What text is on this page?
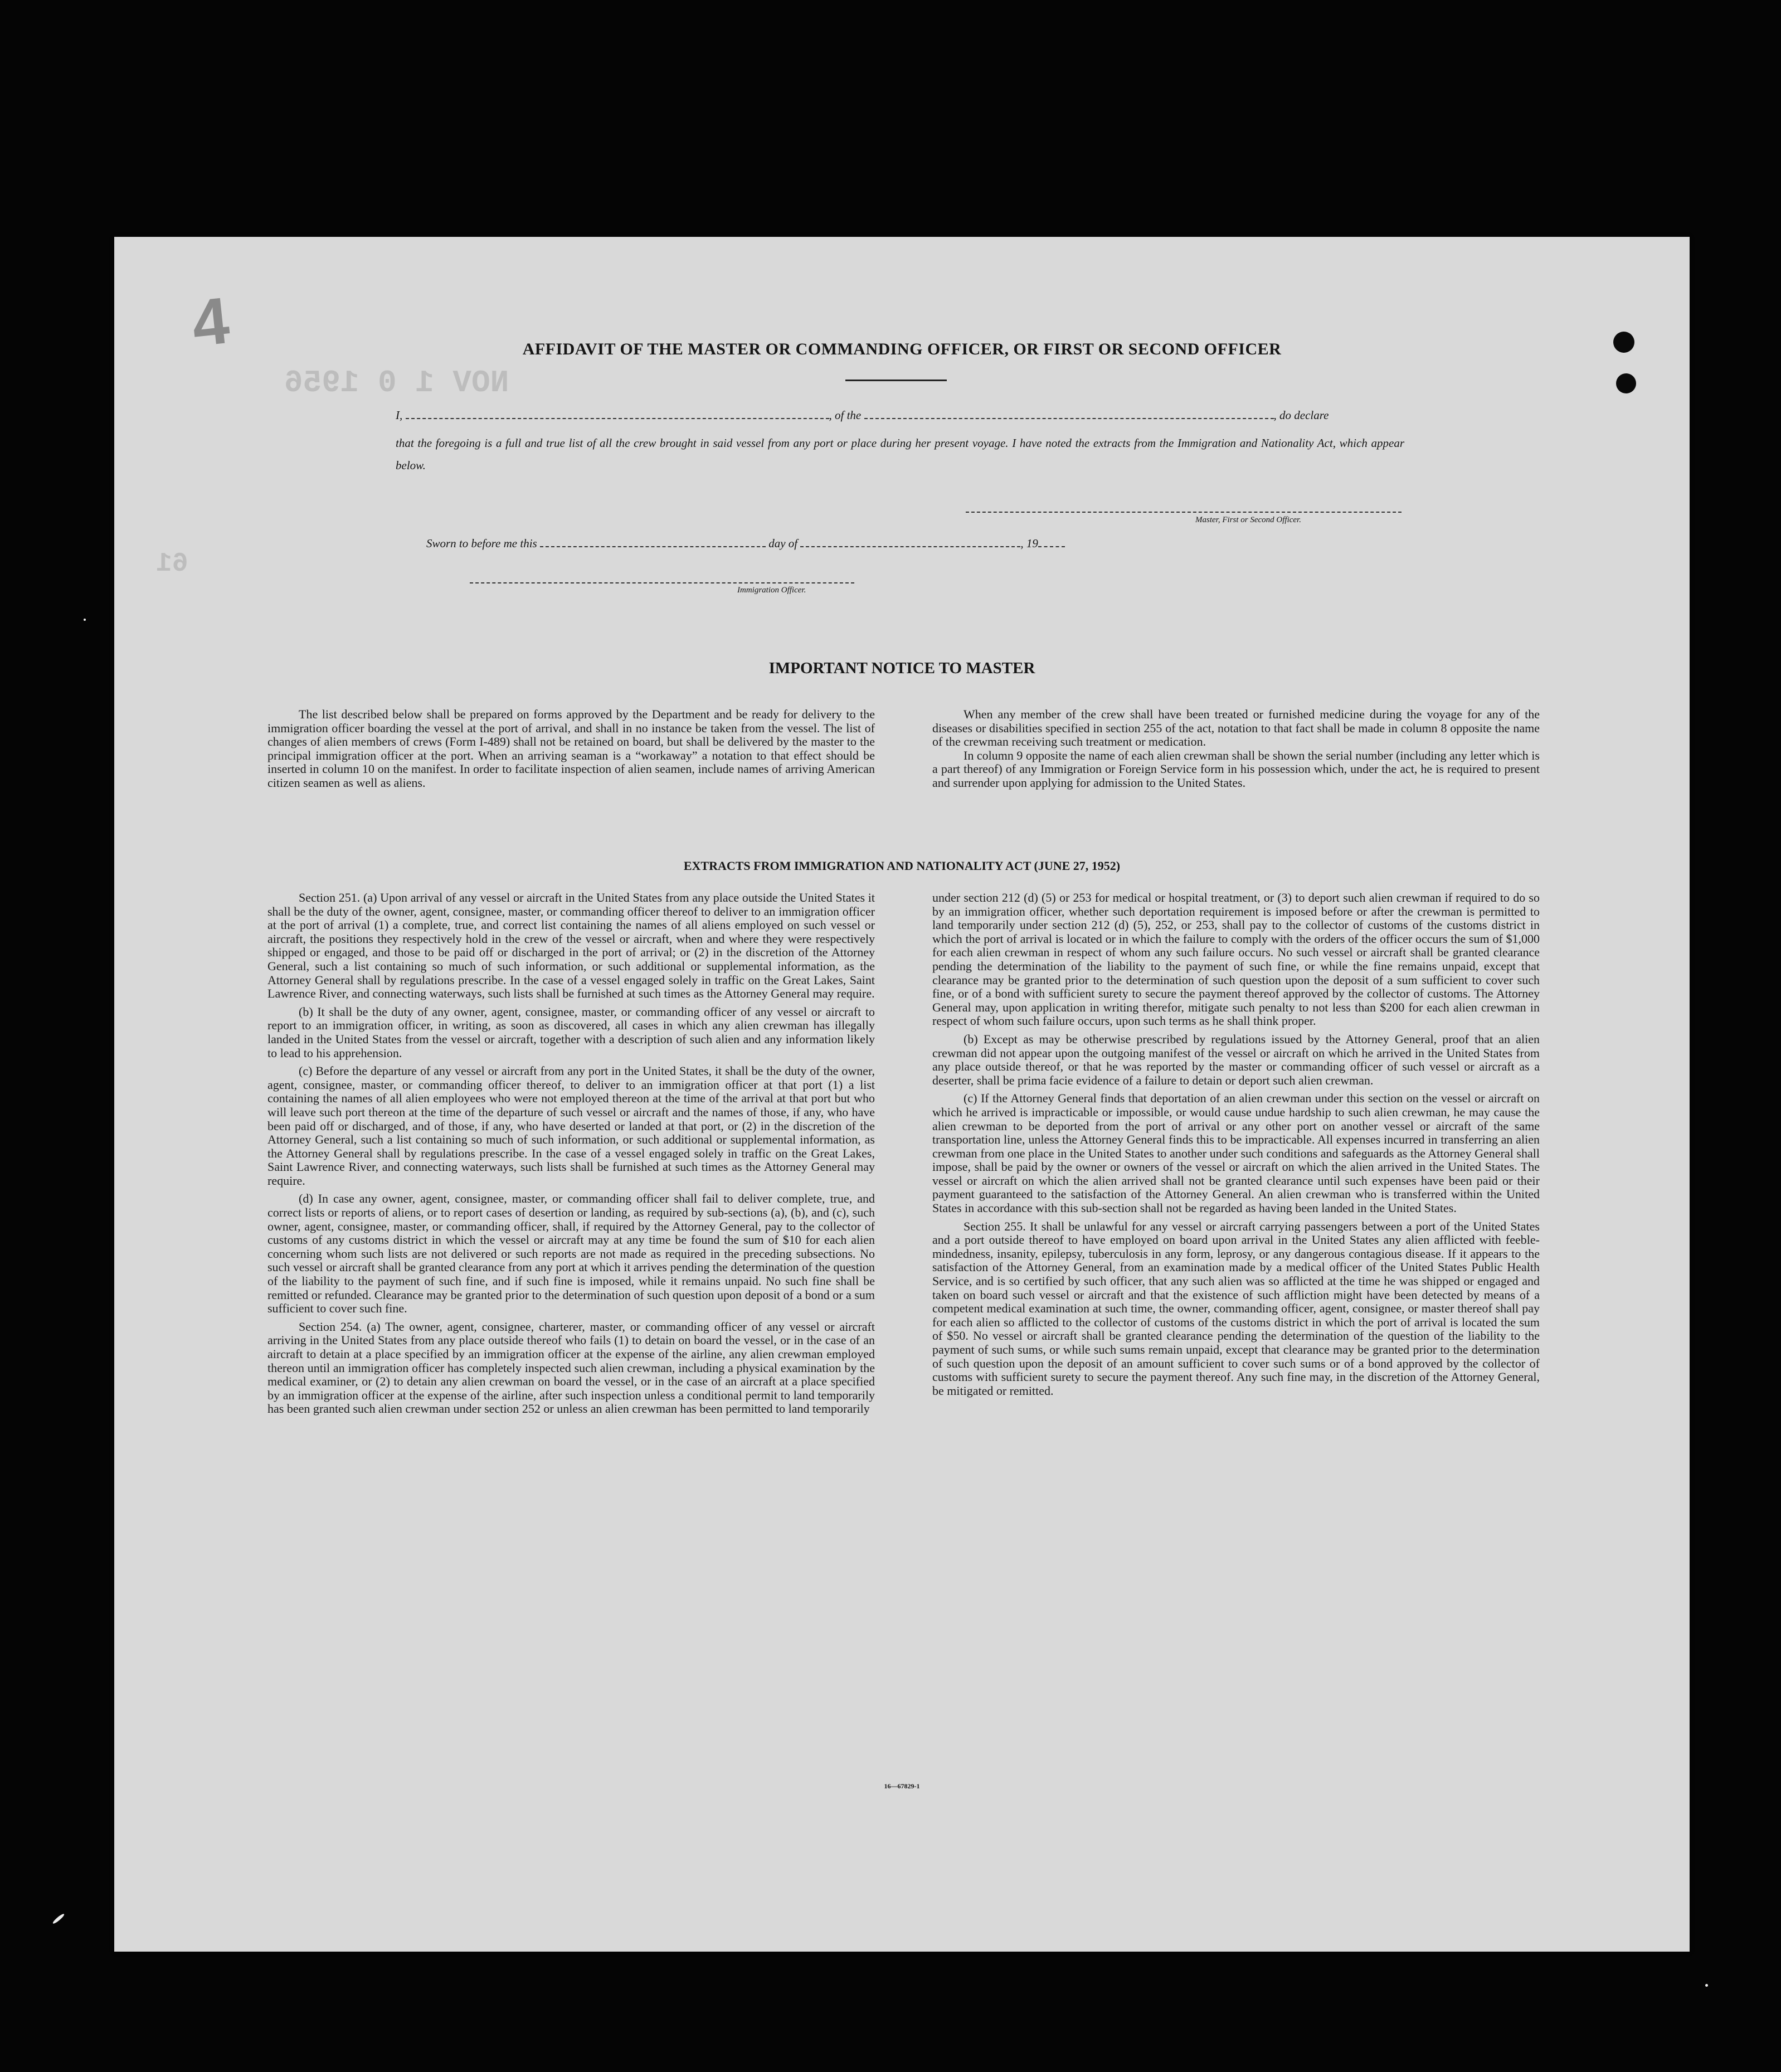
4
NOV 1 0 1956
61
AFFIDAVIT OF THE MASTER OR COMMANDING OFFICER, OR FIRST OR SECOND OFFICER
I,	, of the	, do declare
that the foregoing is a full and true list of all the crew brought in said vessel from any port or place during her present voyage. I have noted the extracts from the Immigration and Nationality Act, which appear below.
Master, First or Second Officer.
Sworn to before me this	day of	, 19
Immigration Officer.
IMPORTANT NOTICE TO MASTER

The list described below shall be prepared on forms approved by the Department and be ready for delivery to the immigration officer boarding the vessel at the port of arrival, and shall in no instance be taken from the vessel. The list of changes of alien members of crews (Form I-489) shall not be retained on board, but shall be delivered by the master to the principal immigration officer at the port. When an arriving seaman is a “workaway” a notation to that effect should be inserted in column 10 on the manifest. In order to facilitate inspection of alien seamen, include names of arriving American citizen seamen as well as aliens.

When any member of the crew shall have been treated or furnished medicine during the voyage for any of the diseases or disabilities specified in section 255 of the act, notation to that fact shall be made in column 8 opposite the name of the crewman receiving such treatment or medication.

In column 9 opposite the name of each alien crewman shall be shown the serial number (including any letter which is a part thereof) of any Immigration or Foreign Service form in his possession which, under the act, he is required to present and surrender upon applying for admission to the United States.

EXTRACTS FROM IMMIGRATION AND NATIONALITY ACT (JUNE 27, 1952)

Section 251. (a) Upon arrival of any vessel or aircraft in the United States from any place outside the United States it shall be the duty of the owner, agent, consignee, master, or commanding officer thereof to deliver to an immigration officer at the port of arrival (1) a complete, true, and correct list containing the names of all aliens employed on such vessel or aircraft, the positions they respectively hold in the crew of the vessel or aircraft, when and where they were respectively shipped or engaged, and those to be paid off or discharged in the port of arrival; or (2) in the discretion of the Attorney General, such a list containing so much of such information, or such additional or supplemental information, as the Attorney General shall by regulations prescribe. In the case of a vessel engaged solely in traffic on the Great Lakes, Saint Lawrence River, and connecting waterways, such lists shall be furnished at such times as the Attorney General may require.

(b) It shall be the duty of any owner, agent, consignee, master, or commanding officer of any vessel or aircraft to report to an immigration officer, in writing, as soon as discovered, all cases in which any alien crewman has illegally landed in the United States from the vessel or aircraft, together with a description of such alien and any information likely to lead to his apprehension.

(c) Before the departure of any vessel or aircraft from any port in the United States, it shall be the duty of the owner, agent, consignee, master, or commanding officer thereof, to deliver to an immigration officer at that port (1) a list containing the names of all alien employees who were not employed thereon at the time of the arrival at that port but who will leave such port thereon at the time of the departure of such vessel or aircraft and the names of those, if any, who have been paid off or discharged, and of those, if any, who have deserted or landed at that port, or (2) in the discretion of the Attorney General, such a list containing so much of such information, or such additional or supplemental information, as the Attorney General shall by regulations prescribe. In the case of a vessel engaged solely in traffic on the Great Lakes, Saint Lawrence River, and connecting waterways, such lists shall be furnished at such times as the Attorney General may require.

(d) In case any owner, agent, consignee, master, or commanding officer shall fail to deliver complete, true, and correct lists or reports of aliens, or to report cases of desertion or landing, as required by sub-sections (a), (b), and (c), such owner, agent, consignee, master, or commanding officer, shall, if required by the Attorney General, pay to the collector of customs of any customs district in which the vessel or aircraft may at any time be found the sum of $10 for each alien concerning whom such lists are not delivered or such reports are not made as required in the preceding subsections. No such vessel or aircraft shall be granted clearance from any port at which it arrives pending the determination of the question of the liability to the payment of such fine, and if such fine is imposed, while it remains unpaid. No such fine shall be remitted or refunded. Clearance may be granted prior to the determination of such question upon deposit of a bond or a sum sufficient to cover such fine.

Section 254. (a) The owner, agent, consignee, charterer, master, or commanding officer of any vessel or aircraft arriving in the United States from any place outside thereof who fails (1) to detain on board the vessel, or in the case of an aircraft to detain at a place specified by an immigration officer at the expense of the airline, any alien crewman employed thereon until an immigration officer has completely inspected such alien crewman, including a physical examination by the medical examiner, or (2) to detain any alien crewman on board the vessel, or in the case of an aircraft at a place specified by an immigration officer at the expense of the airline, after such inspection unless a conditional permit to land temporarily has been granted such alien crewman under section 252 or unless an alien crewman has been permitted to land temporarily

under section 212 (d) (5) or 253 for medical or hospital treatment, or (3) to deport such alien crewman if required to do so by an immigration officer, whether such deportation requirement is imposed before or after the crewman is permitted to land temporarily under section 212 (d) (5), 252, or 253, shall pay to the collector of customs of the customs district in which the port of arrival is located or in which the failure to comply with the orders of the officer occurs the sum of $1,000 for each alien crewman in respect of whom any such failure occurs. No such vessel or aircraft shall be granted clearance pending the determination of the liability to the payment of such fine, or while the fine remains unpaid, except that clearance may be granted prior to the determination of such question upon the deposit of a sum sufficient to cover such fine, or of a bond with sufficient surety to secure the payment thereof approved by the collector of customs. The Attorney General may, upon application in writing therefor, mitigate such penalty to not less than $200 for each alien crewman in respect of whom such failure occurs, upon such terms as he shall think proper.

(b) Except as may be otherwise prescribed by regulations issued by the Attorney General, proof that an alien crewman did not appear upon the outgoing manifest of the vessel or aircraft on which he arrived in the United States from any place outside thereof, or that he was reported by the master or commanding officer of such vessel or aircraft as a deserter, shall be prima facie evidence of a failure to detain or deport such alien crewman.

(c) If the Attorney General finds that deportation of an alien crewman under this section on the vessel or aircraft on which he arrived is impracticable or impossible, or would cause undue hardship to such alien crewman, he may cause the alien crewman to be deported from the port of arrival or any other port on another vessel or aircraft of the same transportation line, unless the Attorney General finds this to be impracticable. All expenses incurred in transferring an alien crewman from one place in the United States to another under such conditions and safeguards as the Attorney General shall impose, shall be paid by the owner or owners of the vessel or aircraft on which the alien arrived in the United States. The vessel or aircraft on which the alien arrived shall not be granted clearance until such expenses have been paid or their payment guaranteed to the satisfaction of the Attorney General. An alien crewman who is transferred within the United States in accordance with this sub-section shall not be regarded as having been landed in the United States.

Section 255. It shall be unlawful for any vessel or aircraft carrying passengers between a port of the United States and a port outside thereof to have employed on board upon arrival in the United States any alien afflicted with feeble-mindedness, insanity, epilepsy, tuberculosis in any form, leprosy, or any dangerous contagious disease. If it appears to the satisfaction of the Attorney General, from an examination made by a medical officer of the United States Public Health Service, and is so certified by such officer, that any such alien was so afflicted at the time he was shipped or engaged and taken on board such vessel or aircraft and that the existence of such affliction might have been detected by means of a competent medical examination at such time, the owner, commanding officer, agent, consignee, or master thereof shall pay for each alien so afflicted to the collector of customs of the customs district in which the port of arrival is located the sum of $50. No vessel or aircraft shall be granted clearance pending the determination of the question of the liability to the payment of such sums, or while such sums remain unpaid, except that clearance may be granted prior to the determination of such question upon the deposit of an amount sufficient to cover such sums or of a bond approved by the collector of customs with sufficient surety to secure the payment thereof. Any such fine may, in the discretion of the Attorney General, be mitigated or remitted.

16—67829-1
